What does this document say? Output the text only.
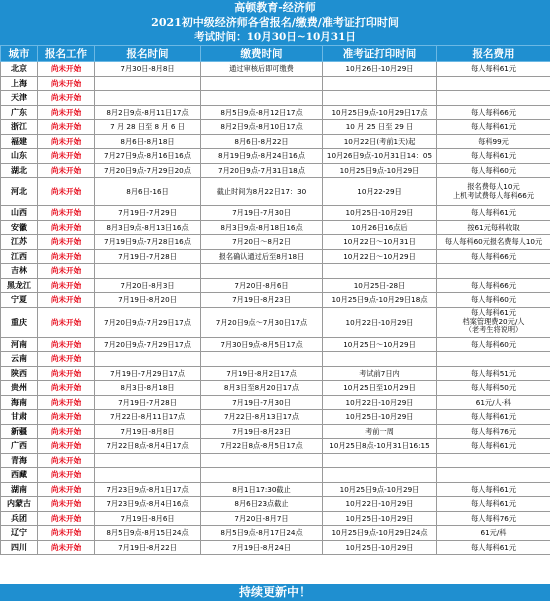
高顿教育-经济师
2021初中级经济师各省报名/缴费/准考证打印时间
考试时间：10月30日~10月31日
城市	报名工作	报名时间	缴费时间	准考证打印时间	报名费用
北京	尚未开始	7月30日-8月8日	通过审核后即可缴费	10月26日-10月29日	每人每科61元
上海	尚未开始				
天津	尚未开始				
广东	尚未开始	8月2日9点-8月11日17点	8月5日9点-8月12日17点	10月25日9点-10月29日17点	每人每科66元
浙江	尚未开始	7 月 28 日至 8 月 6 日	8月2日9点-8月10日17点	10 月 25 日至 29 日	每人每科61元
福建	尚未开始	8月6日-8月18日	8月6日-8月22日	10月22日(考前1天)起	每科99元
山东	尚未开始	7月27日9点-8月16日16点	8月19日9点-8月24日16点	10月26日9点-10月31日14：05	每人每科61元
湖北	尚未开始	7月20日9点-7月29日20点	7月20日9点-7月31日18点	10月25日9点-10月29日	每人每科60元
河北	尚未开始	8月6日-16日	截止时间为8月22日17：30	10月22-29日	报名费每人10元
上机考试费每人每科66元
山西	尚未开始	7月19日-7月29日	7月19日-7月30日	10月25日-10月29日	每人每科61元
安徽	尚未开始	8月3日9点-8月13日16点	8月3日9点-8月18日16点	10月26日16点后	按61元每科收取
江苏	尚未开始	7月19日9点-7月28日16点	7月20日～8月2日	10月22日～10月31日	每人每科60元报名费每人10元
江西	尚未开始	7月19日-7月28日	报名确认通过后至8月18日	10月22日～10月29日	每人每科66元
吉林	尚未开始				
黑龙江	尚未开始	7月20日-8月3日	7月20日-8月6日	10月25日-28日	每人每科66元
宁夏	尚未开始	7月19日-8月20日	7月19日-8月23日	10月25日9点-10月29日18点	每人每科60元
重庆	尚未开始	7月20日9点-7月29日17点	7月20日9点～7月30日17点	10月22日-10月29日	每人每科61元
档案管理费20元/人
（老考生将说明）
河南	尚未开始	7月20日9点-7月29日17点	7月30日9点-8月5日17点	10月25日～10月29日	每人每科60元
云南	尚未开始				
陕西	尚未开始	7月19日-7月29日17点	7月19日-8月2日17点	考试前7日内	每人每科51元
贵州	尚未开始	8月3日-8月18日	8月3日至8月20日17点	10月25日至10月29日	每人每科50元
海南	尚未开始	7月19日-7月28日	7月19日-7月30日	10月22日-10月29日	61元/人·科
甘肃	尚未开始	7月22日-8月11日17点	7月22日-8月13日17点	10月25日-10月29日	每人每科61元
新疆	尚未开始	7月19日-8月8日	7月19日-8月23日	考前一周	每人每科76元
广西	尚未开始	7月22日8点-8月4日17点	7月22日8点-8月5日17点	10月25日8点-10月31日16:15	每人每科61元
青海	尚未开始				
西藏	尚未开始				
湖南	尚未开始	7月23日9点-8月1日17点	8月1日17:30截止	10月25日9点-10月29日	每人每科61元
内蒙古	尚未开始	7月23日9点-8月4日16点	8月6日23点截止	10月22日-10月29日	每人每科61元
兵团	尚未开始	7月19日-8月6日	7月20日-8月7日	10月25日-10月29日	每人每科76元
辽宁	尚未开始	8月5日9点-8月15日24点	8月5日9点-8月17日24点	10月25日9点-10月29日24点	61元/科
四川	尚未开始	7月19日-8月22日	7月19日-8月24日	10月25日-10月29日	每人每科61元
持续更新中！
